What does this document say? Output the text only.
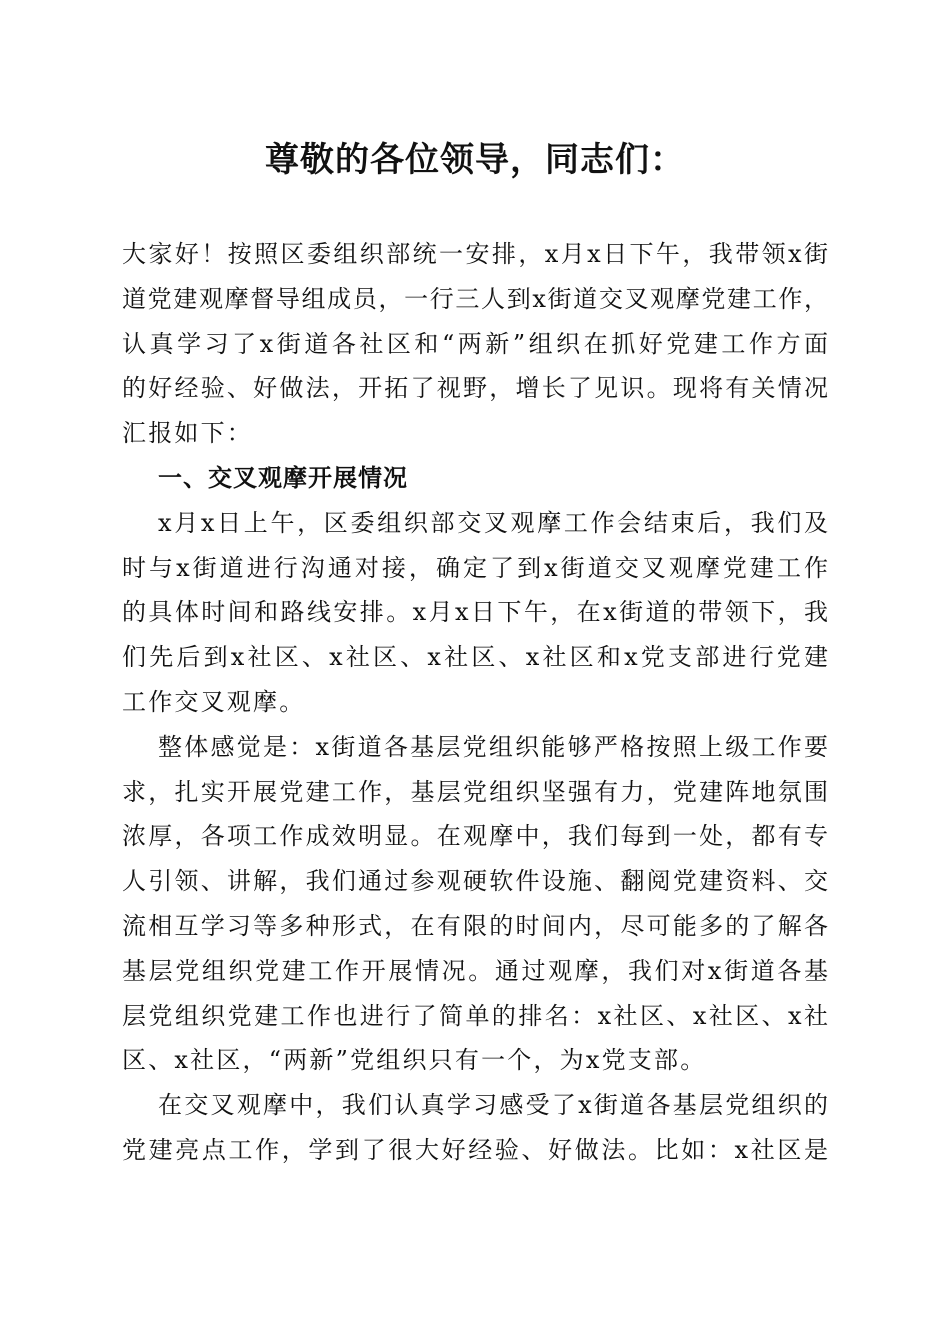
尊敬的各位领导，同志们：
大家好！按照区委组织部统一安排，x月x日下午，我带领x街
道党建观摩督导组成员，一行三人到x街道交叉观摩党建工作，
认真学习了x街道各社区和“两新”组织在抓好党建工作方面
的好经验、好做法，开拓了视野，增长了见识。现将有关情况
汇报如下：
一、交叉观摩开展情况
x月x日上午，区委组织部交叉观摩工作会结束后，我们及
时与x街道进行沟通对接，确定了到x街道交叉观摩党建工作
的具体时间和路线安排。x月x日下午，在x街道的带领下，我
们先后到x社区、x社区、x社区、x社区和x党支部进行党建
工作交叉观摩。
整体感觉是：x街道各基层党组织能够严格按照上级工作要
求，扎实开展党建工作，基层党组织坚强有力，党建阵地氛围
浓厚，各项工作成效明显。在观摩中，我们每到一处，都有专
人引领、讲解，我们通过参观硬软件设施、翻阅党建资料、交
流相互学习等多种形式，在有限的时间内，尽可能多的了解各
基层党组织党建工作开展情况。通过观摩，我们对x街道各基
层党组织党建工作也进行了简单的排名：x社区、x社区、x社
区、x社区，“两新”党组织只有一个，为x党支部。
在交叉观摩中，我们认真学习感受了x街道各基层党组织的
党建亮点工作，学到了很大好经验、好做法。比如：x社区是
